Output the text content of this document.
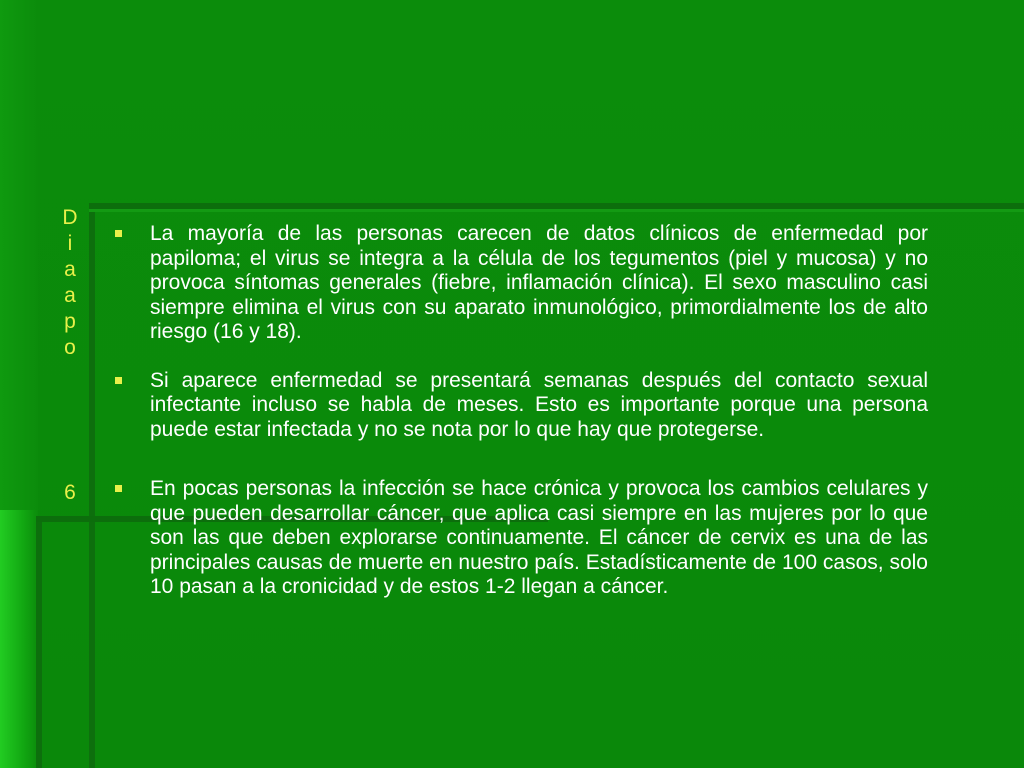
D
i
a
a
p
o
6
La mayoría de las personas carecen de datos clínicos de enfermedad por papiloma; el virus se integra a la célula de los tegumentos (piel y mucosa) y no provoca síntomas generales (fiebre, inflamación clínica). El sexo masculino casi siempre elimina el virus con su aparato inmunológico, primordialmente los de alto riesgo (16 y 18).
Si aparece enfermedad se presentará semanas después del contacto sexual infectante incluso se habla de meses. Esto es importante porque una persona puede estar infectada y no se nota por lo que hay que protegerse.
En pocas personas la infección se hace crónica y provoca los cambios celulares y que pueden desarrollar cáncer, que aplica casi siempre en las mujeres por lo que son las que deben explorarse continuamente. El cáncer de cervix es una de las principales causas de muerte en nuestro país. Estadísticamente de 100 casos, solo 10 pasan a la cronicidad y de estos 1-2 llegan a cáncer.
